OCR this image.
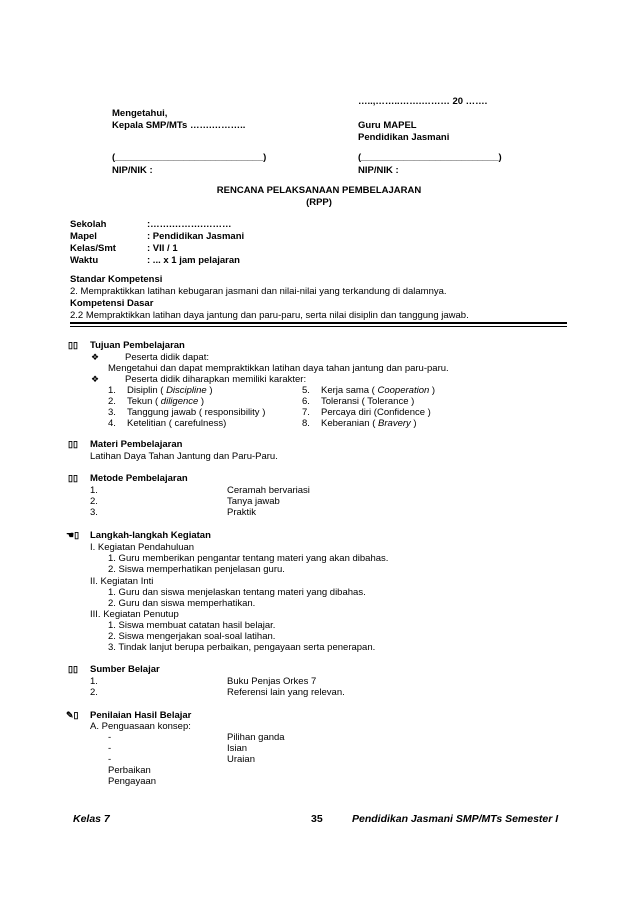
…..,……..…….……… 20 …….
Mengetahui,
Kepala SMP/MTs …….………..	Guru MAPEL
Pendidikan Jasmani
(____________________________)	(__________________________)
NIP/NIK :	NIP/NIK :
RENCANA PELAKSANAAN PEMBELAJARAN
(RPP)
Sekolah	:…….……….………
Mapel	: Pendidikan Jasmani
Kelas/Smt	: VII / 1
Waktu	: ... x 1 jam pelajaran
Standar Kompetensi
2. Mempraktikkan latihan kebugaran jasmani dan nilai-nilai yang terkandung di dalamnya.
Kompetensi Dasar
2.2 Mempraktikkan latihan daya jantung dan paru-paru, serta nilai disiplin dan tanggung jawab.
▯▯ Tujuan Pembelajaran
❖	Peserta didik dapat:
Mengetahui dan dapat mempraktikkan latihan daya tahan jantung dan paru-paru.
❖	Peserta didik diharapkan memiliki karakter:
1. Disiplin ( Discipline )
2. Tekun ( diligence )
3. Tanggung jawab ( responsibility )
4. Ketelitian ( carefulness)
5. Kerja sama ( Cooperation )
6. Toleransi ( Tolerance )
7. Percaya diri (Confidence )
8. Keberanian ( Bravery )
▯▯ Materi Pembelajaran
Latihan Daya Tahan Jantung dan Paru-Paru.
▯▯ Metode Pembelajaran
1.	Ceramah bervariasi
2.	Tanya jawab
3.	Praktik
☚▯ Langkah-langkah Kegiatan
I. Kegiatan Pendahuluan
1. Guru memberikan pengantar tentang materi yang akan dibahas.
2. Siswa memperhatikan penjelasan guru.
II. Kegiatan Inti
1. Guru dan siswa menjelaskan tentang materi yang dibahas.
2. Guru dan siswa memperhatikan.
III. Kegiatan Penutup
1. Siswa membuat catatan hasil belajar.
2. Siswa mengerjakan soal-soal latihan.
3. Tindak lanjut berupa perbaikan, pengayaan serta penerapan.
▯▯ Sumber Belajar
1.	Buku Penjas Orkes 7
2.	Referensi lain yang relevan.
✎▯ Penilaian Hasil Belajar
A. Penguasaan konsep:
-	Pilihan ganda
-	Isian
-	Uraian
Perbaikan
Pengayaan
Kelas 7	35	Pendidikan Jasmani SMP/MTs Semester I
